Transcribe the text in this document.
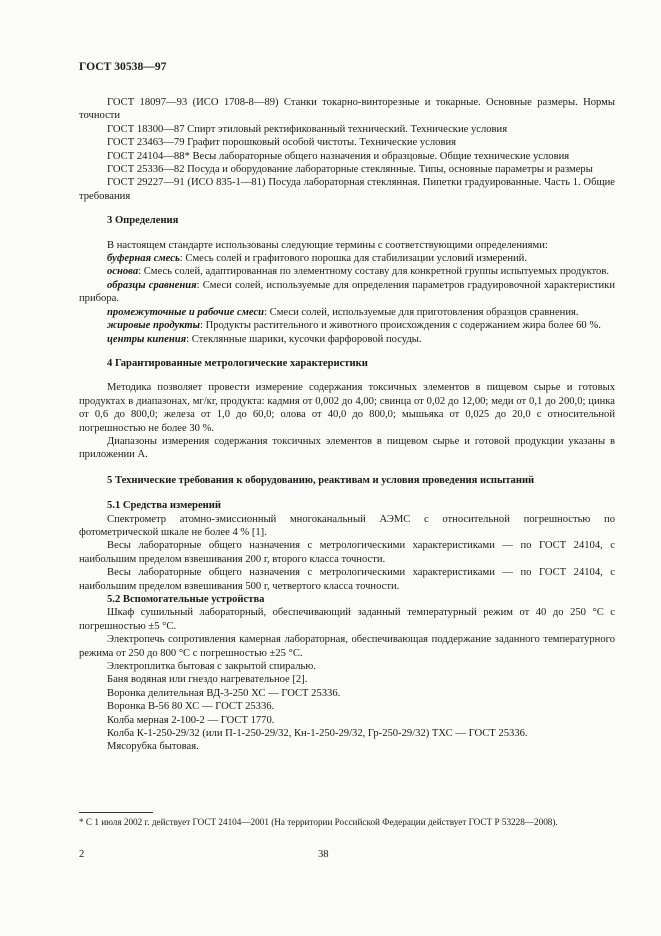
ГОСТ 30538—97

ГОСТ 18097—93 (ИСО 1708-8—89) Станки токарно-винторезные и токарные. Основные размеры. Нормы точности

ГОСТ 18300—87 Спирт этиловый ректификованный технический. Технические условия

ГОСТ 23463—79 Графит порошковый особой чистоты. Технические условия

ГОСТ 24104—88* Весы лабораторные общего назначения и образцовые. Общие технические условия

ГОСТ 25336—82 Посуда и оборудование лабораторные стеклянные. Типы, основные параметры и размеры

ГОСТ 29227—91 (ИСО 835-1—81) Посуда лабораторная стеклянная. Пипетки градуированные. Часть 1. Общие требования

3 Определения

В настоящем стандарте использованы следующие термины с соответствующими определениями:

буферная смесь: Смесь солей и графитового порошка для стабилизации условий измерений.

основа: Смесь солей, адаптированная по элементному составу для конкретной группы испытуемых продуктов.

образцы сравнения: Смеси солей, используемые для определения параметров градуировочной характеристики прибора.

промежуточные и рабочие смеси: Смеси солей, используемые для приготовления образцов сравнения.

жировые продукты: Продукты растительного и животного происхождения с содержанием жира более 60 %.

центры кипения: Стеклянные шарики, кусочки фарфоровой посуды.

4 Гарантированные метрологические характеристики

Методика позволяет провести измерение содержания токсичных элементов в пищевом сырье и готовых продуктах в диапазонах, мг/кг, продукта: кадмия от 0,002 до 4,00; свинца от 0,02 до 12,00; меди от 0,1 до 200,0; цинка от 0,6 до 800,0; железа от 1,0 до 60,0; олова от 40,0 до 800,0; мышьяка от 0,025 до 20,0 с относительной погрешностью не более 30 %.

Диапазоны измерения содержания токсичных элементов в пищевом сырье и готовой продукции указаны в приложении А.

5 Технические требования к оборудованию, реактивам и условия проведения испытаний

5.1 Средства измерений

Спектрометр атомно-эмиссионный многоканальный АЭМС с относительной погрешностью по фотометрической шкале не более 4 % [1].

Весы лабораторные общего назначения с метрологическими характеристиками — по ГОСТ 24104, с наибольшим пределом взвешивания 200 г, второго класса точности.

Весы лабораторные общего назначения с метрологическими характеристиками — по ГОСТ 24104, с наибольшим пределом взвешивания 500 г, четвертого класса точности.

5.2 Вспомогательные устройства

Шкаф сушильный лабораторный, обеспечивающий заданный температурный режим от 40 до 250 °С с погрешностью ±5 °С.

Электропечь сопротивления камерная лабораторная, обеспечивающая поддержание заданного температурного режима от 250 до 800 °С с погрешностью ±25 °С.

Электроплитка бытовая с закрытой спиралью.

Баня водяная или гнездо нагревательное [2].

Воронка делительная ВД-3-250 ХС — ГОСТ 25336.

Воронка В-56 80 ХС — ГОСТ 25336.

Колба мерная 2-100-2 — ГОСТ 1770.

Колба К-1-250-29/32 (или П-1-250-29/32, Кн-1-250-29/32, Гр-250-29/32) ТХС — ГОСТ 25336.

Мясорубка бытовая.

* С 1 июля 2002 г. действует ГОСТ 24104—2001 (На территории Российской Федерации действует ГОСТ Р 53228—2008).
2	38
